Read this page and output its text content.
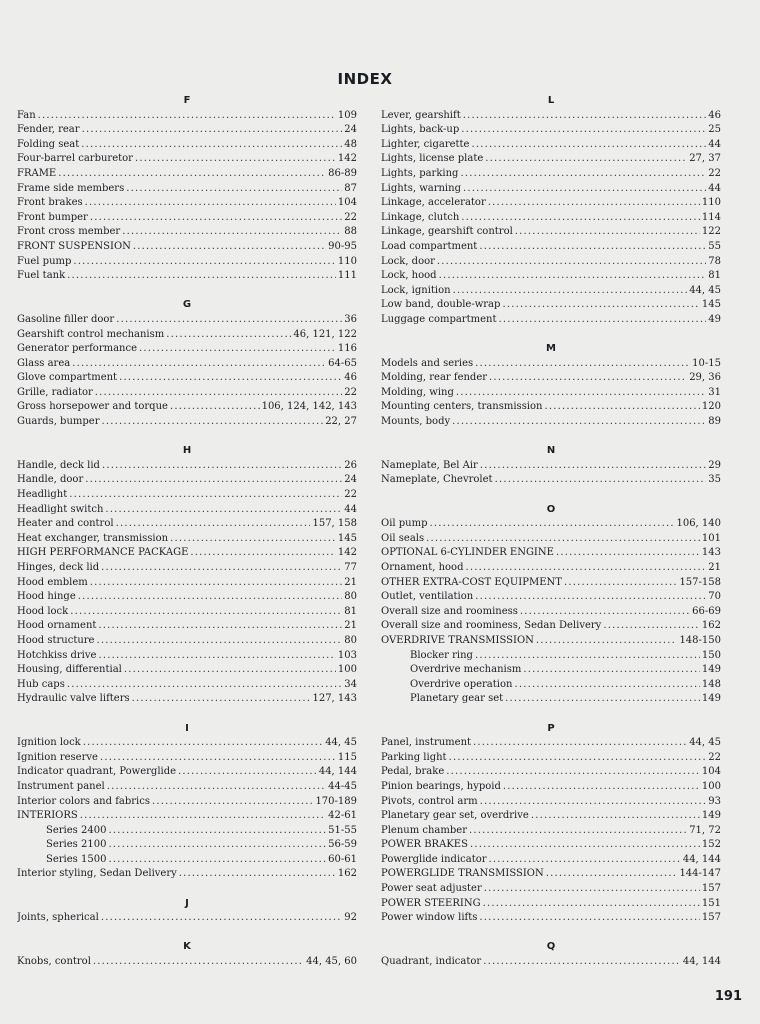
INDEX
F
Fan .....	109
Fender, rear .....	24
Folding seat .....	48
Four-barrel carburetor .....	142
FRAME .....	86-89
Frame side members .....	87
Front brakes .....	104
Front bumper .....	22
Front cross member .....	88
FRONT SUSPENSION .....	90-95
Fuel pump .....	110
Fuel tank .....	111
G
Gasoline filler door .....	36
Gearshift control mechanism .....	46, 121, 122
Generator performance .....	116
Glass area .....	64-65
Glove compartment .....	46
Grille, radiator .....	22
Gross horsepower and torque .....	106, 124, 142, 143
Guards, bumper .....	22, 27
H
Handle, deck lid .....	26
Handle, door .....	24
Headlight .....	22
Headlight switch .....	44
Heater and control .....	157, 158
Heat exchanger, transmission .....	145
HIGH PERFORMANCE PACKAGE .....	142
Hinges, deck lid .....	77
Hood emblem .....	21
Hood hinge .....	80
Hood lock .....	81
Hood ornament .....	21
Hood structure .....	80
Hotchkiss drive .....	103
Housing, differential .....	100
Hub caps .....	34
Hydraulic valve lifters .....	127, 143
I
Ignition lock .....	44, 45
Ignition reserve .....	115
Indicator quadrant, Powerglide .....	44, 144
Instrument panel .....	44-45
Interior colors and fabrics .....	170-189
INTERIORS .....	42-61
Series 2400 .....	51-55
Series 2100 .....	56-59
Series 1500 .....	60-61
Interior styling, Sedan Delivery .....	162
J
Joints, spherical .....	92
K
Knobs, control .....	44, 45, 60
L
Lever, gearshift .....	46
Lights, back-up .....	25
Lighter, cigarette .....	44
Lights, license plate .....	27, 37
Lights, parking .....	22
Lights, warning .....	44
Linkage, accelerator .....	110
Linkage, clutch .....	114
Linkage, gearshift control .....	122
Load compartment .....	55
Lock, door .....	78
Lock, hood .....	81
Lock, ignition .....	44, 45
Low band, double-wrap .....	145
Luggage compartment .....	49
M
Models and series .....	10-15
Molding, rear fender .....	29, 36
Molding, wing .....	31
Mounting centers, transmission .....	120
Mounts, body .....	89
N
Nameplate, Bel Air .....	29
Nameplate, Chevrolet .....	35
O
Oil pump .....	106, 140
Oil seals .....	101
OPTIONAL 6-CYLINDER ENGINE .....	143
Ornament, hood .....	21
OTHER EXTRA-COST EQUIPMENT .....	157-158
Outlet, ventilation .....	70
Overall size and roominess .....	66-69
Overall size and roominess, Sedan Delivery .....	162
OVERDRIVE TRANSMISSION .....	148-150
Blocker ring .....	150
Overdrive mechanism .....	149
Overdrive operation .....	148
Planetary gear set .....	149
P
Panel, instrument .....	44, 45
Parking light .....	22
Pedal, brake .....	104
Pinion bearings, hypoid .....	100
Pivots, control arm .....	93
Planetary gear set, overdrive .....	149
Plenum chamber .....	71, 72
POWER BRAKES .....	152
Powerglide indicator .....	44, 144
POWERGLIDE TRANSMISSION .....	144-147
Power seat adjuster .....	157
POWER STEERING .....	151
Power window lifts .....	157
Q
Quadrant, indicator .....	44, 144
191
